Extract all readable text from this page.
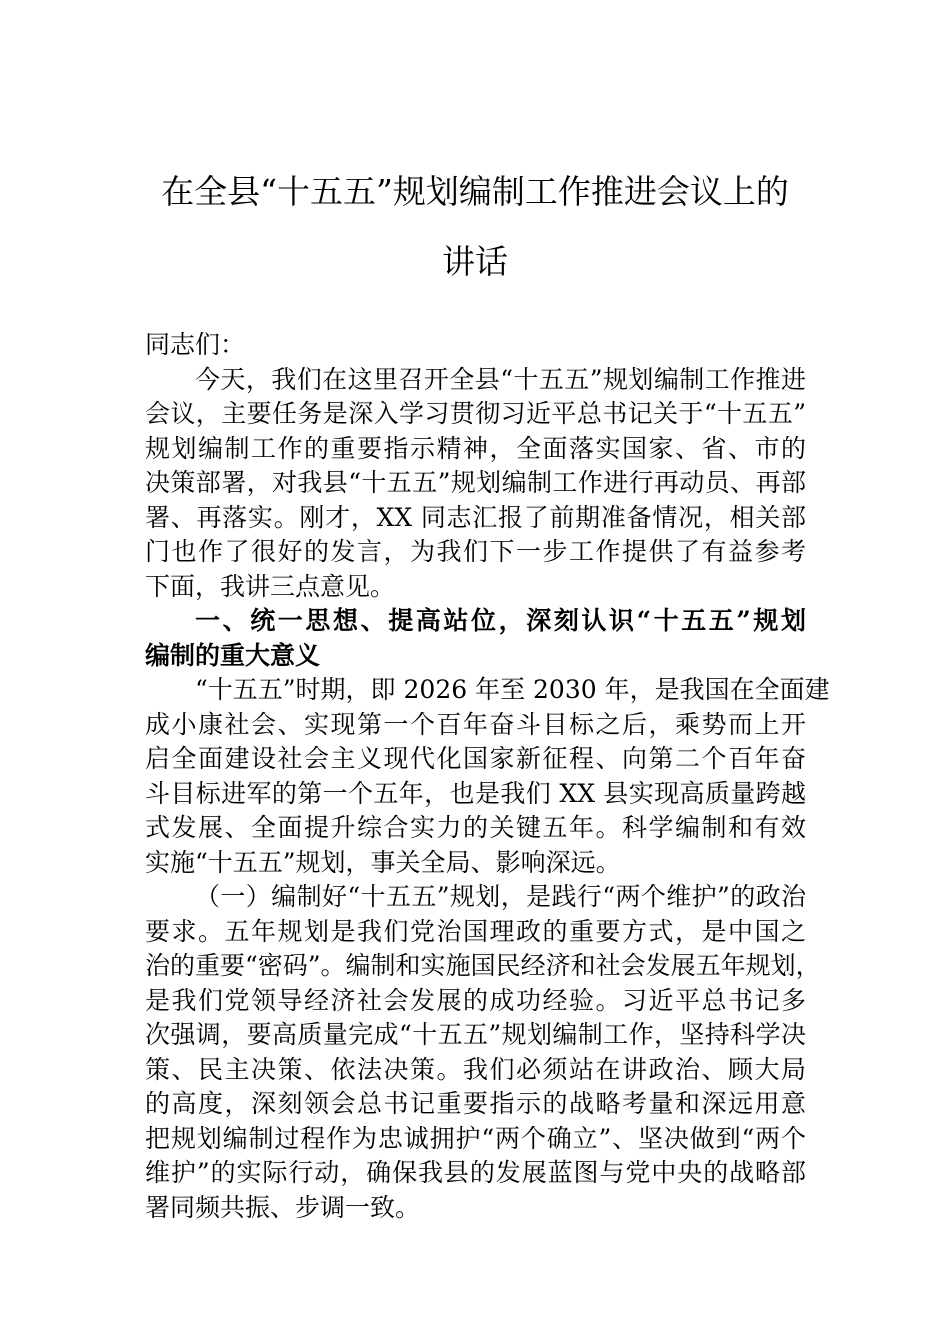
在全县“十五五”规划编制工作推进会议上的
讲话
同志们：
今天，我们在这里召开全县“十五五”规划编制工作推进
会议，主要任务是深入学习贯彻习近平总书记关于“十五五”
规划编制工作的重要指示精神，全面落实国家、省、市的
决策部署，对我县“十五五”规划编制工作进行再动员、再部
署、再落实。刚才，XX 同志汇报了前期准备情况，相关部
门也作了很好的发言，为我们下一步工作提供了有益参考
下面，我讲三点意见。
一、统一思想、提高站位，深刻认识“十五五”规划
编制的重大意义
“十五五”时期，即 2026 年至 2030 年，是我国在全面建
成小康社会、实现第一个百年奋斗目标之后，乘势而上开
启全面建设社会主义现代化国家新征程、向第二个百年奋
斗目标进军的第一个五年，也是我们 XX 县实现高质量跨越
式发展、全面提升综合实力的关键五年。科学编制和有效
实施“十五五”规划，事关全局、影响深远。
（一）编制好“十五五”规划，是践行“两个维护”的政治
要求。五年规划是我们党治国理政的重要方式，是中国之
治的重要“密码”。编制和实施国民经济和社会发展五年规划，
是我们党领导经济社会发展的成功经验。习近平总书记多
次强调，要高质量完成“十五五”规划编制工作，坚持科学决
策、民主决策、依法决策。我们必须站在讲政治、顾大局
的高度，深刻领会总书记重要指示的战略考量和深远用意
把规划编制过程作为忠诚拥护“两个确立”、坚决做到“两个
维护”的实际行动，确保我县的发展蓝图与党中央的战略部
署同频共振、步调一致。
